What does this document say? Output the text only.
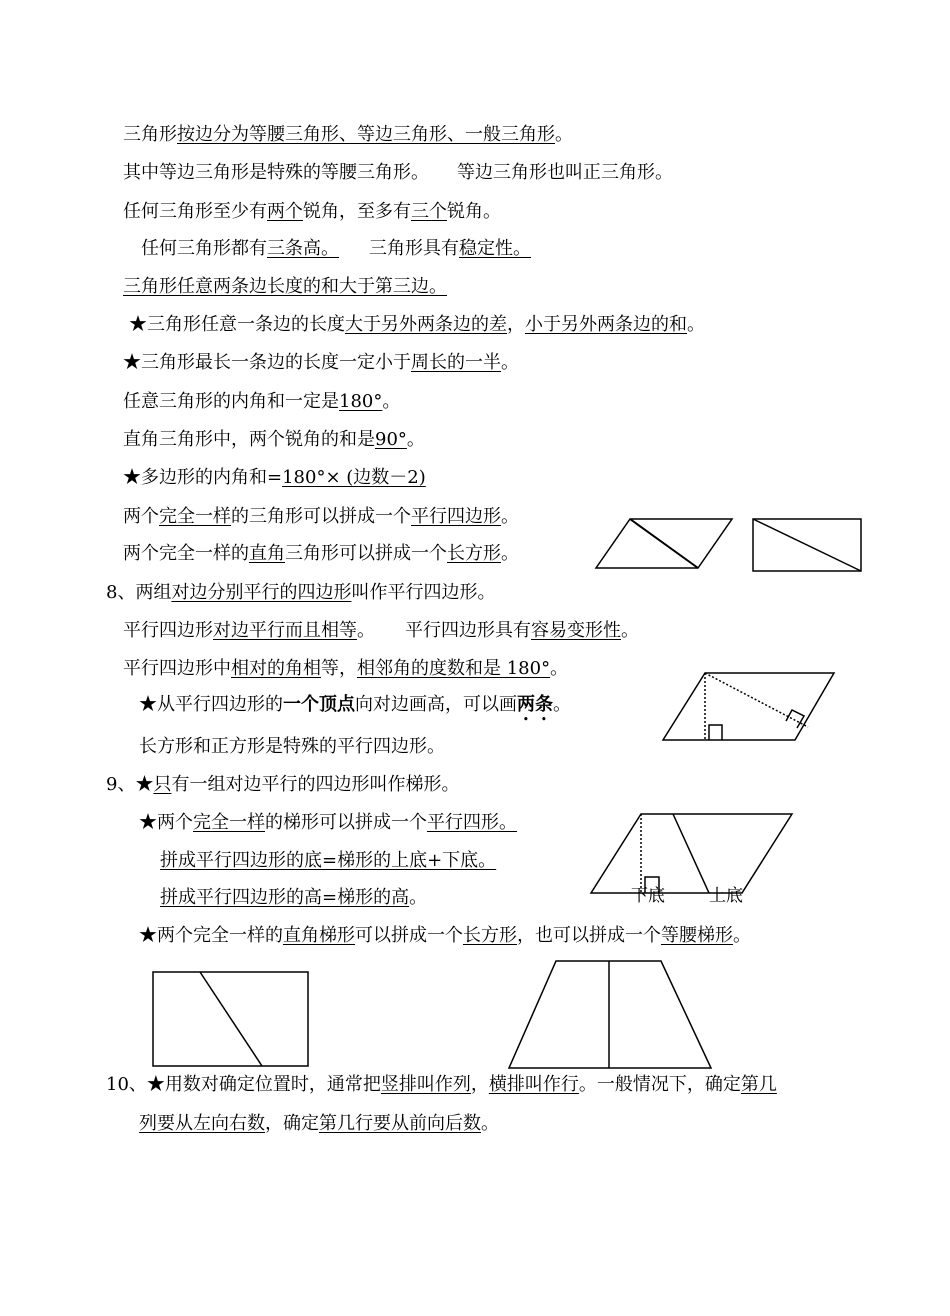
三角形按边分为等腰三角形、等边三角形、一般三角形。
其中等边三角形是特殊的等腰三角形。 等边三角形也叫正三角形。
任何三角形至少有两个锐角，至多有三个锐角。
任何三角形都有三条高。 三角形具有稳定性。
三角形任意两条边长度的和大于第三边。
★三角形任意一条边的长度大于另外两条边的差，小于另外两条边的和。
★三角形最长一条边的长度一定小于周长的一半。
任意三角形的内角和一定是180°。
直角三角形中，两个锐角的和是90°。
★多边形的内角和=180°× (边数－2)
两个完全一样的三角形可以拼成一个平行四边形。
两个完全一样的直角三角形可以拼成一个长方形。
8、两组对边分别平行的四边形叫作平行四边形。
平行四边形对边平行而且相等。 平行四边形具有容易变形性。
平行四边形中相对的角相等，相邻角的度数和是 180°。
★从平行四边形的一个顶点向对边画高，可以画两条。
长方形和正方形是特殊的平行四边形。
9、★只有一组对边平行的四边形叫作梯形。
★两个完全一样的梯形可以拼成一个平行四形。
拼成平行四边形的底=梯形的上底+下底。
拼成平行四边形的高=梯形的高。
★两个完全一样的直角梯形可以拼成一个长方形，也可以拼成一个等腰梯形。
10、★用数对确定位置时，通常把竖排叫作列，横排叫作行。一般情况下，确定第几
列要从左向右数，确定第几行要从前向后数。
下底	上底
